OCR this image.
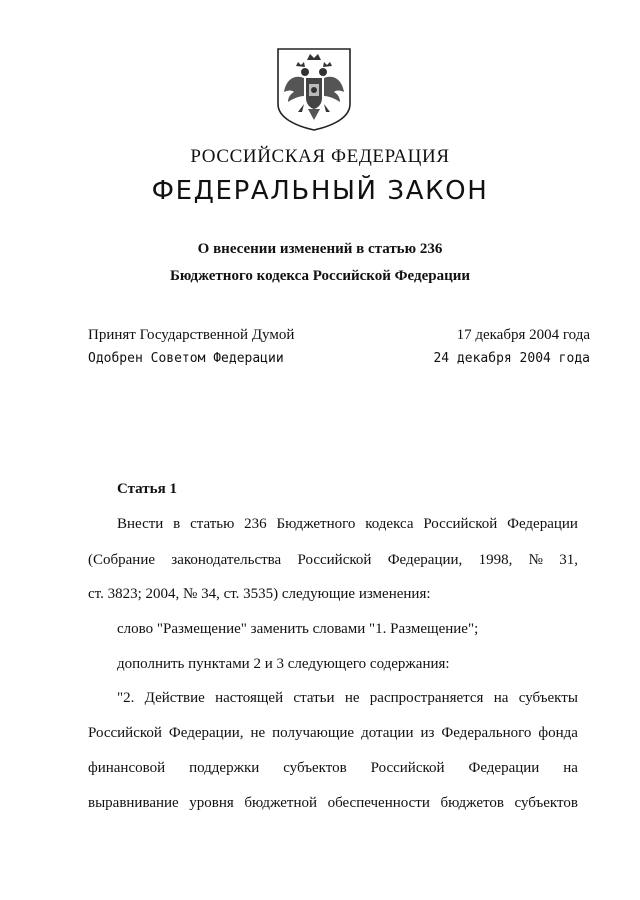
РОССИЙСКАЯ ФЕДЕРАЦИЯ
ФЕДЕРАЛЬНЫЙ ЗАКОН
О внесении изменений в статью 236
Бюджетного кодекса Российской Федерации
Принят Государственной Думой	17 декабря 2004 года
Одобрен Советом Федерации	24 декабря 2004 года
Статья 1
Внести в статью 236 Бюджетного кодекса Российской Федерации
(Собрание законодательства Российской Федерации, 1998, № 31,
ст. 3823; 2004, № 34, ст. 3535) следующие изменения:
слово "Размещение" заменить словами "1. Размещение";
дополнить пунктами 2 и 3 следующего содержания:
"2. Действие настоящей статьи не распространяется на субъекты
Российской Федерации, не получающие дотации из Федерального фонда
финансовой поддержки субъектов Российской Федерации на
выравнивание уровня бюджетной обеспеченности бюджетов субъектов
